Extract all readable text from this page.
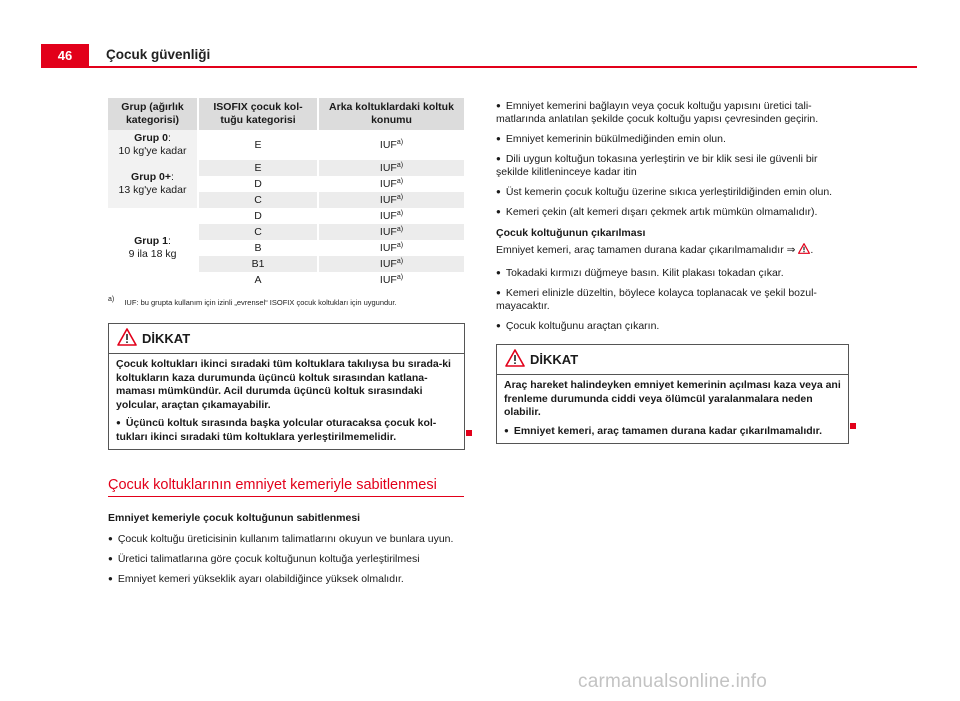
46	Çocuk güvenliği
Grup (ağırlık kategorisi)	ISOFIX çocuk kol-tuğu kategorisi	Arka koltuklardaki koltuk konumu
Grup 0:
10 kg'ye kadar	E	IUF$^{a)}$
Grup 0+:
13 kg'ye kadar	E	IUF$^{a)}$
	D	IUF$^{a)}$
	C	IUF$^{a)}$
Grup 1:
9 ila 18 kg	D	IUF$^{a)}$
	C	IUF$^{a)}$
	B	IUF$^{a)}$
	B1	IUF$^{a)}$
	A	IUF$^{a)}$
$^{a)}$ IUF: bu grupta kullanım için izinli „evrensel“ ISOFIX çocuk koltukları için uygundur.
DİKKAT

Çocuk koltukları ikinci sıradaki tüm koltuklara takılıysa bu sırada-ki koltukların kaza durumunda üçüncü koltuk sırasından katlana-maması mümkündür. Acil durumda üçüncü koltuk sırasındaki yolcular, araçtan çıkamayabilir.

● Üçüncü koltuk sırasında başka yolcular oturacaksa çocuk kol-tukları ikinci sıradaki tüm koltuklara yerleştirilmemelidir.

Çocuk koltuklarının emniyet kemeriyle sabitlenmesi

Emniyet kemeriyle çocuk koltuğunun sabitlenmesi

● Çocuk koltuğu üreticisinin kullanım talimatlarını okuyun ve bunlara uyun.

● Üretici talimatlarına göre çocuk koltuğunun koltuğa yerleştirilmesi

● Emniyet kemeri yükseklik ayarı olabildiğince yüksek olmalıdır.

● Emniyet kemerini bağlayın veya çocuk koltuğu yapısını üretici tali-matlarında anlatılan şekilde çocuk koltuğu yapısı çevresinden geçirin.

● Emniyet kemerinin bükülmediğinden emin olun.

● Dili uygun koltuğun tokasına yerleştirin ve bir klik sesi ile güvenli bir şekilde kilitleninceye kadar itin

● Üst kemerin çocuk koltuğu üzerine sıkıca yerleştirildiğinden emin olun.

● Kemeri çekin (alt kemeri dışarı çekmek artık mümkün olmamalıdır).

Çocuk koltuğunun çıkarılması

Emniyet kemeri, araç tamamen durana kadar çıkarılmamalıdır ⇒ .

● Tokadaki kırmızı düğmeye basın. Kilit plakası tokadan çıkar.

● Kemeri elinizle düzeltin, böylece kolayca toplanacak ve şekil bozul-mayacaktır.

● Çocuk koltuğunu araçtan çıkarın.

DİKKAT

Araç hareket halindeyken emniyet kemerinin açılması kaza veya ani frenleme durumunda ciddi veya ölümcül yaralanmalara neden olabilir.

● Emniyet kemeri, araç tamamen durana kadar çıkarılmamalıdır.

carmanualsonline.info
